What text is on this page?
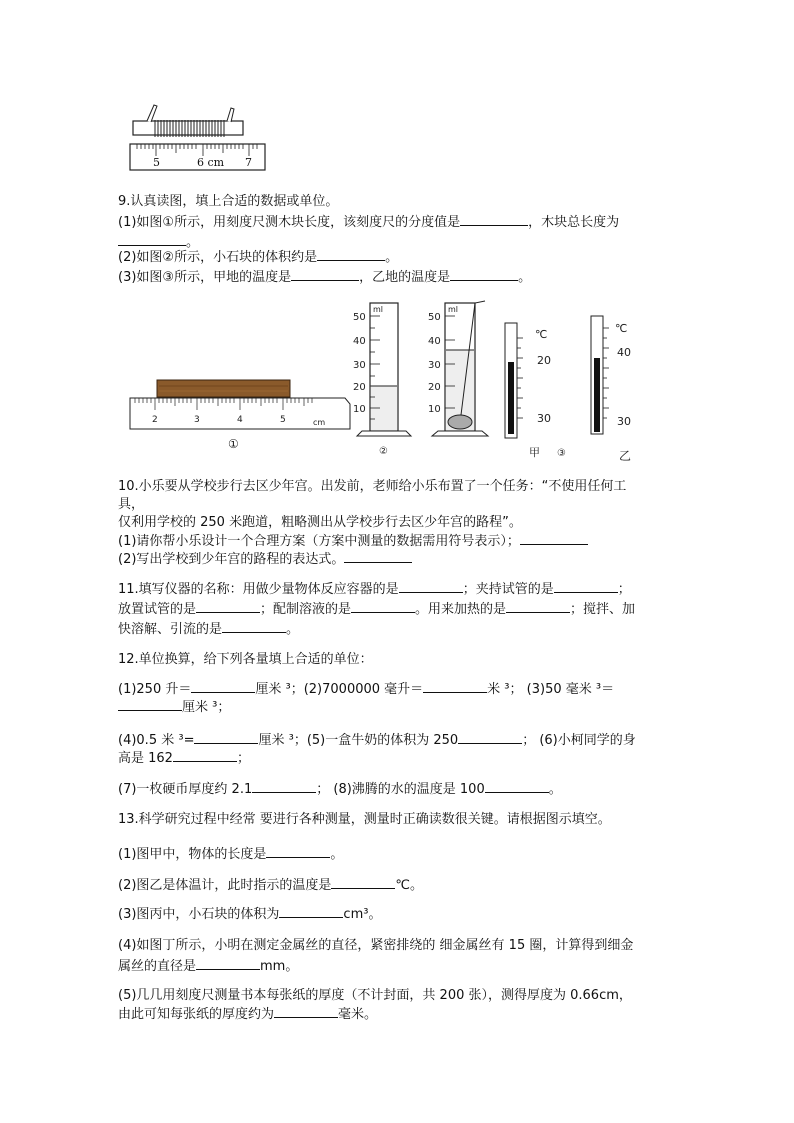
5	6 cm 7
9.认真读图，填上合适的数据或单位。
(1)如图①所示，用刻度尺测木块长度，该刻度尺的分度值是	，木块总长度为
。
(2)如图②所示，小石块的体积约是	。
(3)如图③所示，甲地的温度是	，乙地的温度是	。
2	3	4	5	cm
①
50
40
30
20
10
ml
②
50
40
30
20
10
ml
℃
20
30
甲 ③
℃
40
30
乙
10.小乐要从学校步行去区少年宫。出发前，老师给小乐布置了一个任务：“不使用任何工
具，
仅利用学校的 250 米跑道，粗略测出从学校步行去区少年宫的路程”。
(1)请你帮小乐设计一个合理方案（方案中测量的数据需用符号表示）；
(2)写出学校到少年宫的路程的表达式。
11.填写仪器的名称：用做少量物体反应容器的是	；夹持试管的是	；
放置试管的是	；配制溶液的是	。用来加热的是	；搅拌、加
快溶解、引流的是	。
12.单位换算，给下列各量填上合适的单位：
(1)250 升＝	厘米 ³；(2)7000000 毫升＝	米 ³； (3)50 毫米 ³＝
厘米 ³；
(4)0.5 米 ³=	厘米 ³；(5)一盒牛奶的体积为 250	； (6)小柯同学的身
高是 162	；
(7)一枚硬币厚度约 2.1	； (8)沸腾的水的温度是 100	。
13.科学研究过程中经常 要进行各种测量，测量时正确读数很关键。请根据图示填空。
(1)图甲中，物体的长度是	。
(2)图乙是体温计，此时指示的温度是	℃。
(3)图丙中，小石块的体积为	cm³。
(4)如图丁所示，小明在测定金属丝的直径，紧密排绕的 细金属丝有 15 圈，计算得到细金
属丝的直径是	mm。
(5)几几用刻度尺测量书本每张纸的厚度（不计封面，共 200 张），测得厚度为 0.66cm，
由此可知每张纸的厚度约为	毫米。
